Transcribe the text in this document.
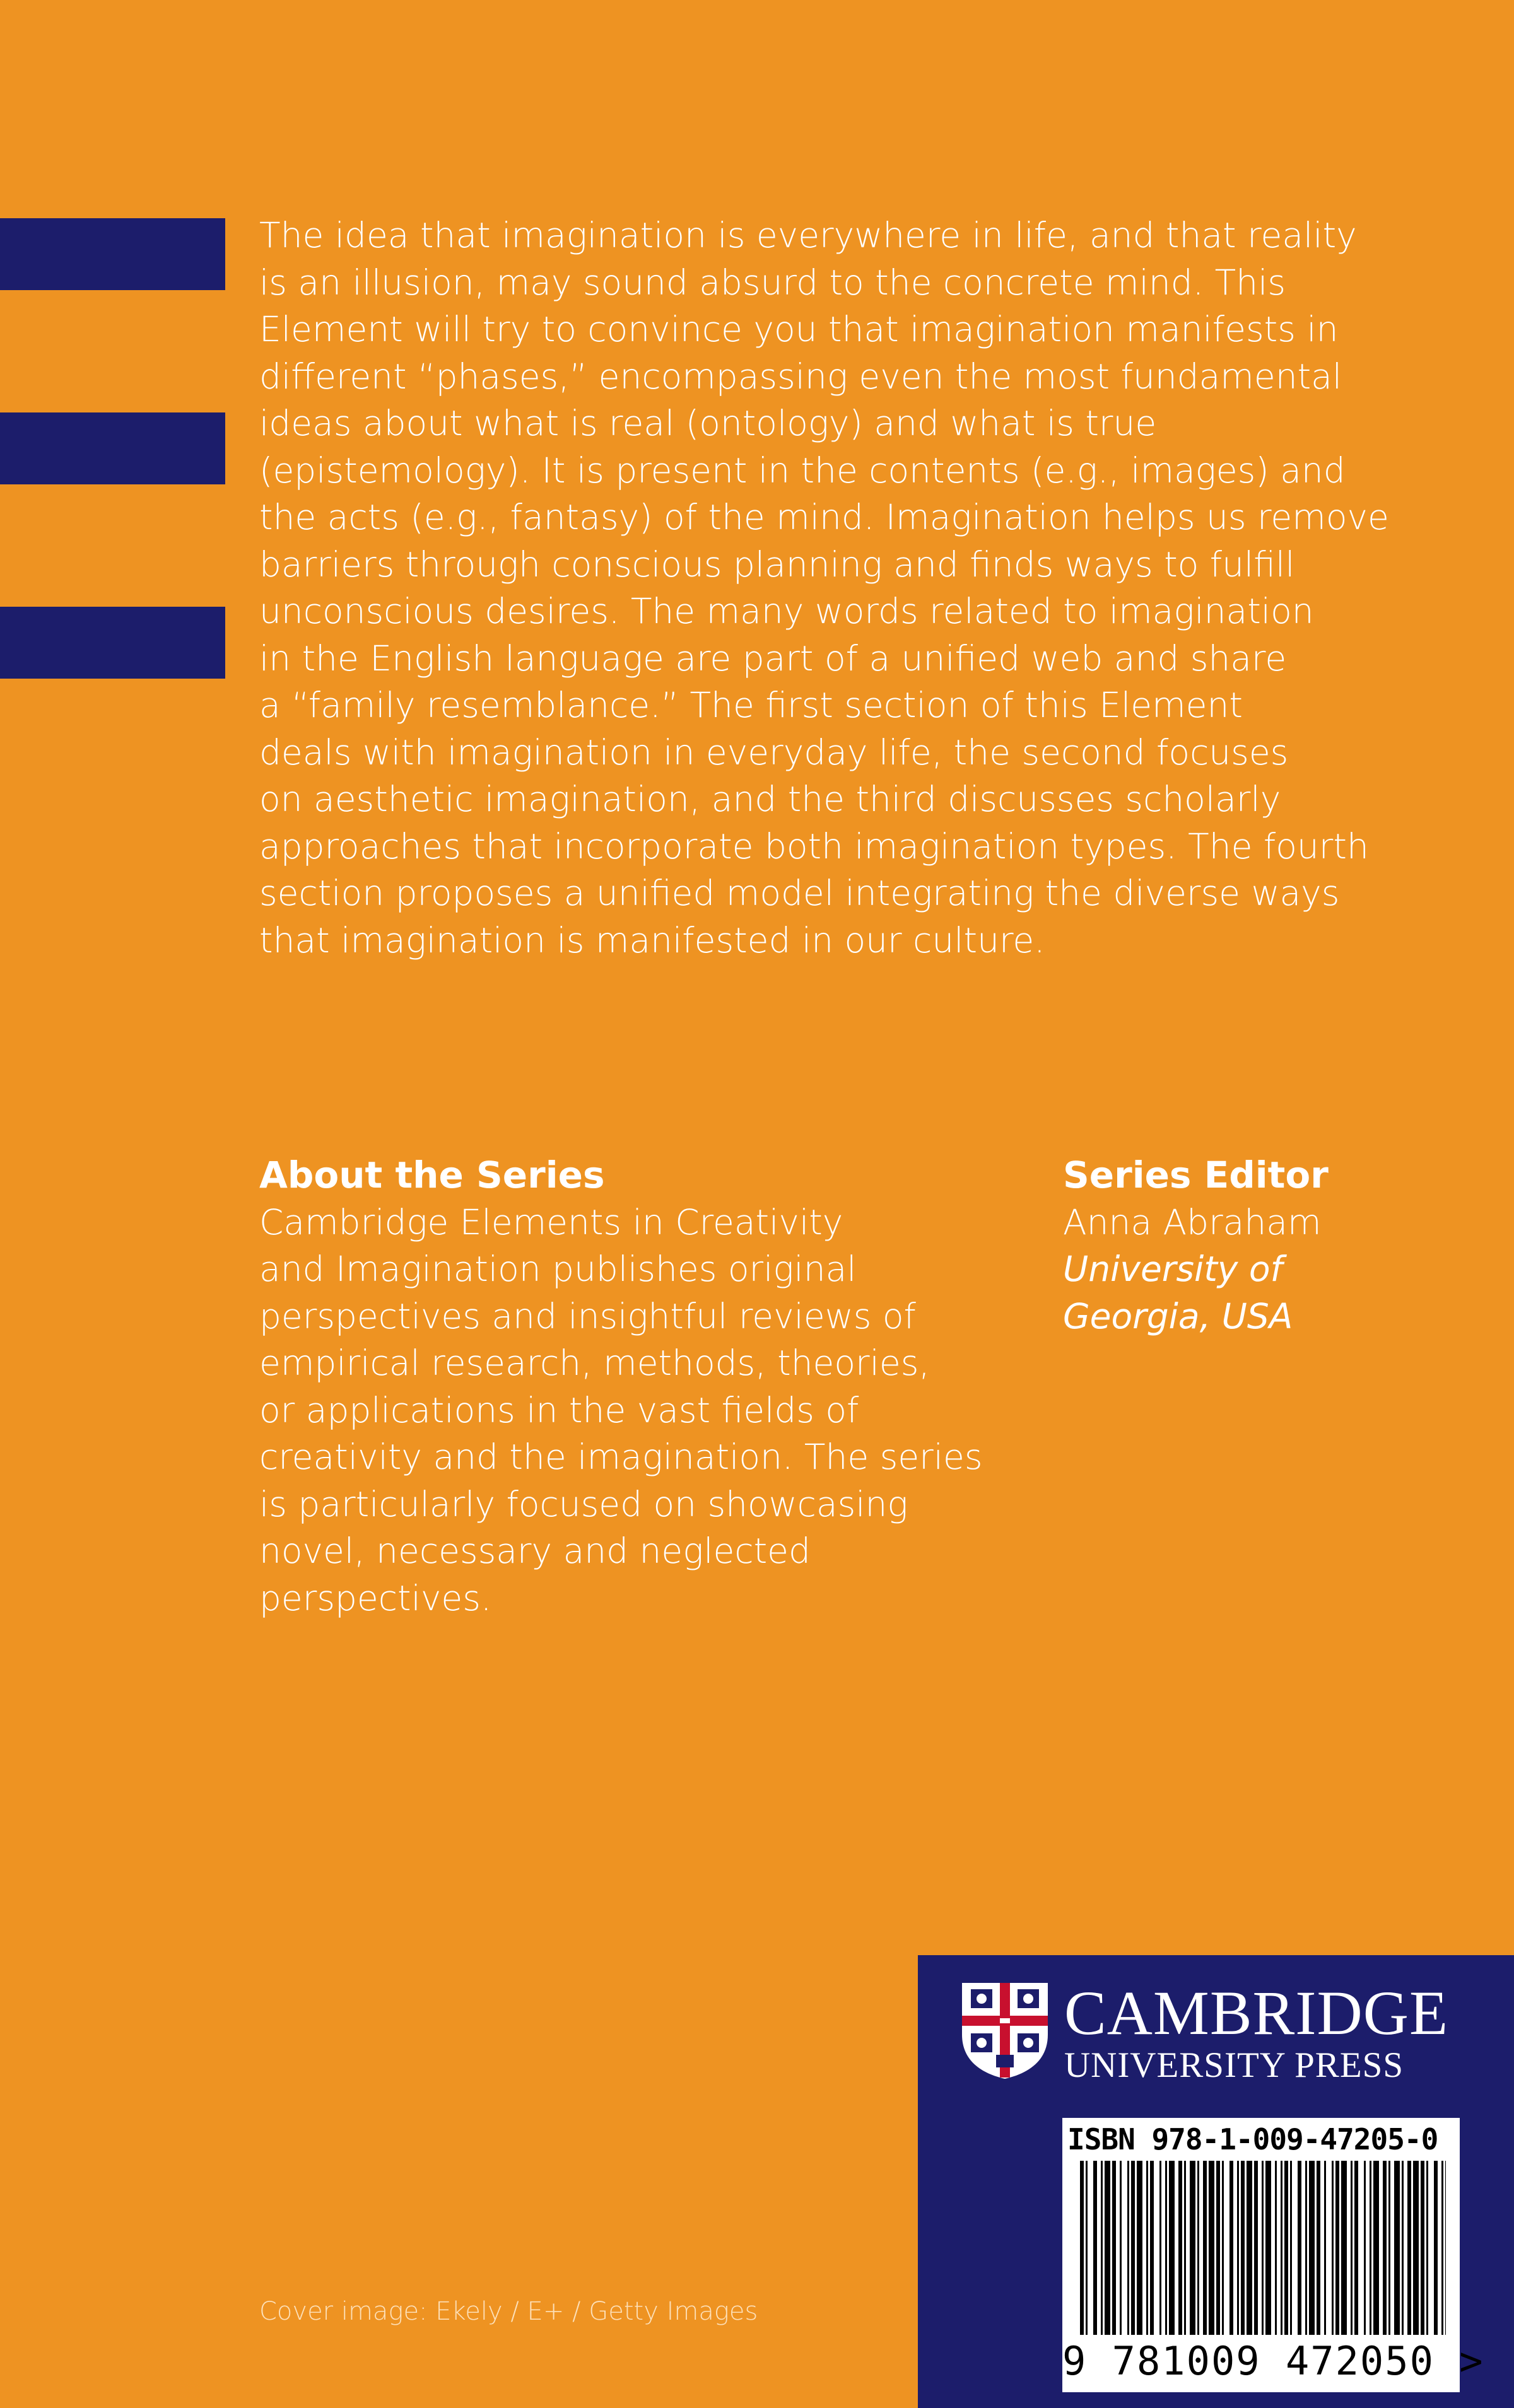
The idea that imagination is everywhere in life, and that reality
is an illusion, may sound absurd to the concrete mind. This
Element will try to convince you that imagination manifests in
different “phases,” encompassing even the most fundamental
ideas about what is real (ontology) and what is true
(epistemology). It is present in the contents (e.g., images) and
the acts (e.g., fantasy) of the mind. Imagination helps us remove
barriers through conscious planning and finds ways to fulfill
unconscious desires. The many words related to imagination
in the English language are part of a unified web and share
a “family resemblance.” The first section of this Element
deals with imagination in everyday life, the second focuses
on aesthetic imagination, and the third discusses scholarly
approaches that incorporate both imagination types. The fourth
section proposes a unified model integrating the diverse ways
that imagination is manifested in our culture.
About the Series
Cambridge Elements in Creativity
and Imagination publishes original
perspectives and insightful reviews of
empirical research, methods, theories,
or applications in the vast fields of
creativity and the imagination. The series
is particularly focused on showcasing
novel, necessary and neglected
perspectives.
Series Editor
Anna Abraham
University of
Georgia, USA
Cover image: Ekely / E+ / Getty Images
CAMBRIDGE
UNIVERSITY PRESS
ISBN 978-1-009-47205-0
9 781009 472050 >
